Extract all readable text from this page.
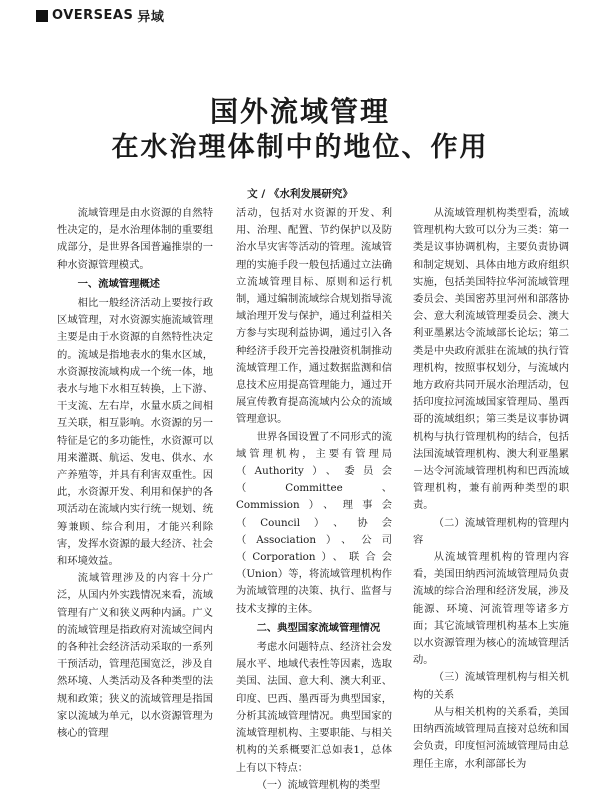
OVERSEAS 异域
国外流域管理
在水治理体制中的地位、作用
文 / 《水利发展研究》

流域管理是由水资源的自然特性决定的，是水治理体制的重要组成部分，是世界各国普遍推崇的一种水资源管理模式。

一、流域管理概述

相比一般经济活动上要按行政区域管理，对水资源实施流域管理主要是由于水资源的自然特性决定的。流域是指地表水的集水区域，水资源按流域构成一个统一体，地表水与地下水相互转换，上下游、干支流、左右岸，水量水质之间相互关联，相互影响。水资源的另一特征是它的多功能性，水资源可以用来灌溉、航运、发电、供水、水产养殖等，并具有利害双重性。因此，水资源开发、利用和保护的各项活动在流域内实行统一规划、统筹兼顾、综合利用，才能兴利除害，发挥水资源的最大经济、社会和环境效益。

流域管理涉及的内容十分广泛，从国内外实践情况来看，流域管理有广义和狭义两种内涵。广义的流域管理是指政府对流域空间内的各种社会经济活动采取的一系列干预活动，管理范围宽泛，涉及自然环境、人类活动及各种类型的法规和政策；狭义的流域管理是指国家以流域为单元，以水资源管理为核心的管理

活动，包括对水资源的开发、利用、治理、配置、节约保护以及防治水旱灾害等活动的管理。流域管理的实施手段一般包括通过立法确立流域管理目标、原则和运行机制，通过编制流域综合规划指导流域治理开发与保护，通过利益相关方参与实现利益协调，通过引入各种经济手段开完善投融资机制推动流域管理工作，通过数据监测和信息技术应用提高管理能力，通过开展宣传教育提高流域内公众的流域管理意识。

世界各国设置了不同形式的流域管理机构，主要有管理局（Authority）、委员会（Committee、Commission）、理事会（Council）、协会（Association）、公司（Corporation）、联合会（Union）等，将流域管理机构作为流域管理的决策、执行、监督与技术支撑的主体。

二、典型国家流域管理情况

考虑水问题特点、经济社会发展水平、地域代表性等因素，选取美国、法国、意大利、澳大利亚、印度、巴西、墨西哥为典型国家，分析其流域管理情况。典型国家的流域管理机构、主要职能、与相关机构的关系概要汇总如表1，总体上有以下特点：

（一）流域管理机构的类型

从流域管理机构类型看，流域管理机构大致可以分为三类：第一类是议事协调机构，主要负责协调和制定规划、具体由地方政府组织实施，包括美国特拉华河流域管理委员会、美国密苏里河州和部落协会、意大利流域管理委员会、澳大利亚墨累达令流域部长论坛；第二类是中央政府派驻在流域的执行管理机构，按照事权划分，与流域内地方政府共同开展水治理活动，包括印度拉河流域国家管理局、墨西哥的流域组织；第三类是议事协调机构与执行管理机构的结合，包括法国流域管理机构、澳大利亚墨累－达令河流域管理机构和巴西流域管理机构，兼有前两种类型的职责。

（二）流域管理机构的管理内容

从流域管理机构的管理内容看，美国田纳西河流域管理局负责流域的综合治理和经济发展，涉及能源、环境、河流管理等诸多方面；其它流域管理机构基本上实施以水资源管理为核心的流域管理活动。

（三）流域管理机构与相关机构的关系

从与相关机构的关系看，美国田纳西流域管理局直接对总统和国会负责，印度恒河流域管理局由总理任主席，水利部部长为
